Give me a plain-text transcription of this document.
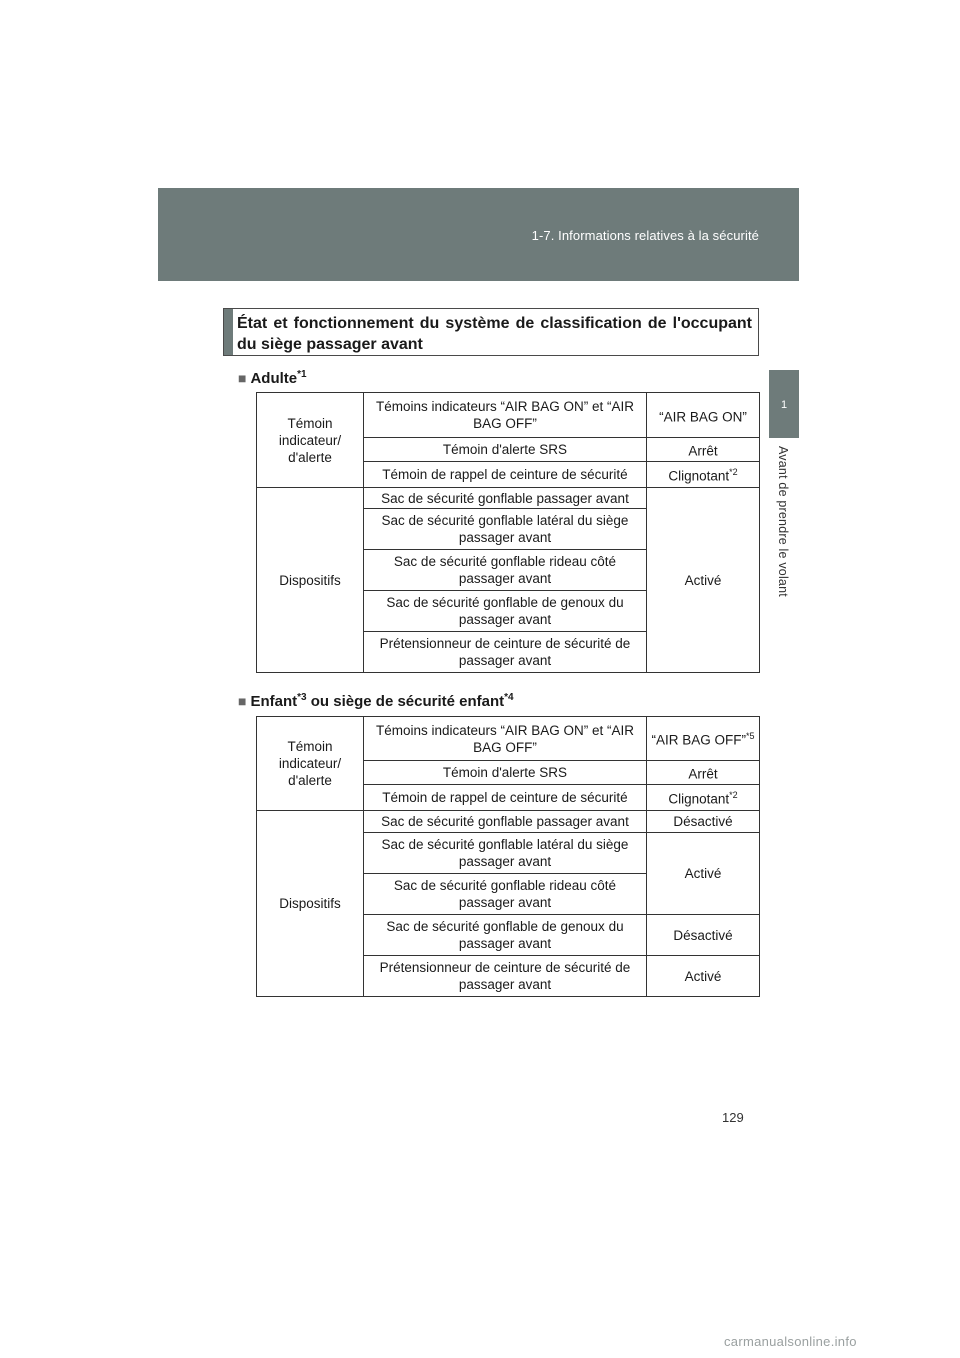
1-7. Informations relatives à la sécurité
1
Avant de prendre le volant
État et fonctionnement du système de classification de l'occupant du siège passager avant
■ Adulte$^{*1}$
Témoin indicateur/ d'alerte	Témoins indicateurs “AIR BAG ON” et “AIR BAG OFF”	“AIR BAG ON”
	Témoin d'alerte SRS	Arrêt
	Témoin de rappel de ceinture de sécurité	Clignotant$^{*2}$
Dispositifs	Sac de sécurité gonflable passager avant	Activé
	Sac de sécurité gonflable latéral du siège passager avant	
	Sac de sécurité gonflable rideau côté passager avant	
	Sac de sécurité gonflable de genoux du passager avant	
	Prétensionneur de ceinture de sécurité de passager avant	
■ Enfant$^{*3}$ ou siège de sécurité enfant$^{*4}$
Témoin indicateur/ d'alerte	Témoins indicateurs “AIR BAG ON” et “AIR BAG OFF”	“AIR BAG OFF”$^{*5}$
	Témoin d'alerte SRS	Arrêt
	Témoin de rappel de ceinture de sécurité	Clignotant$^{*2}$
Dispositifs	Sac de sécurité gonflable passager avant	Désactivé
	Sac de sécurité gonflable latéral du siège passager avant	Activé
	Sac de sécurité gonflable rideau côté passager avant	
	Sac de sécurité gonflable de genoux du passager avant	Désactivé
	Prétensionneur de ceinture de sécurité de passager avant	Activé
129
carmanualsonline.info
